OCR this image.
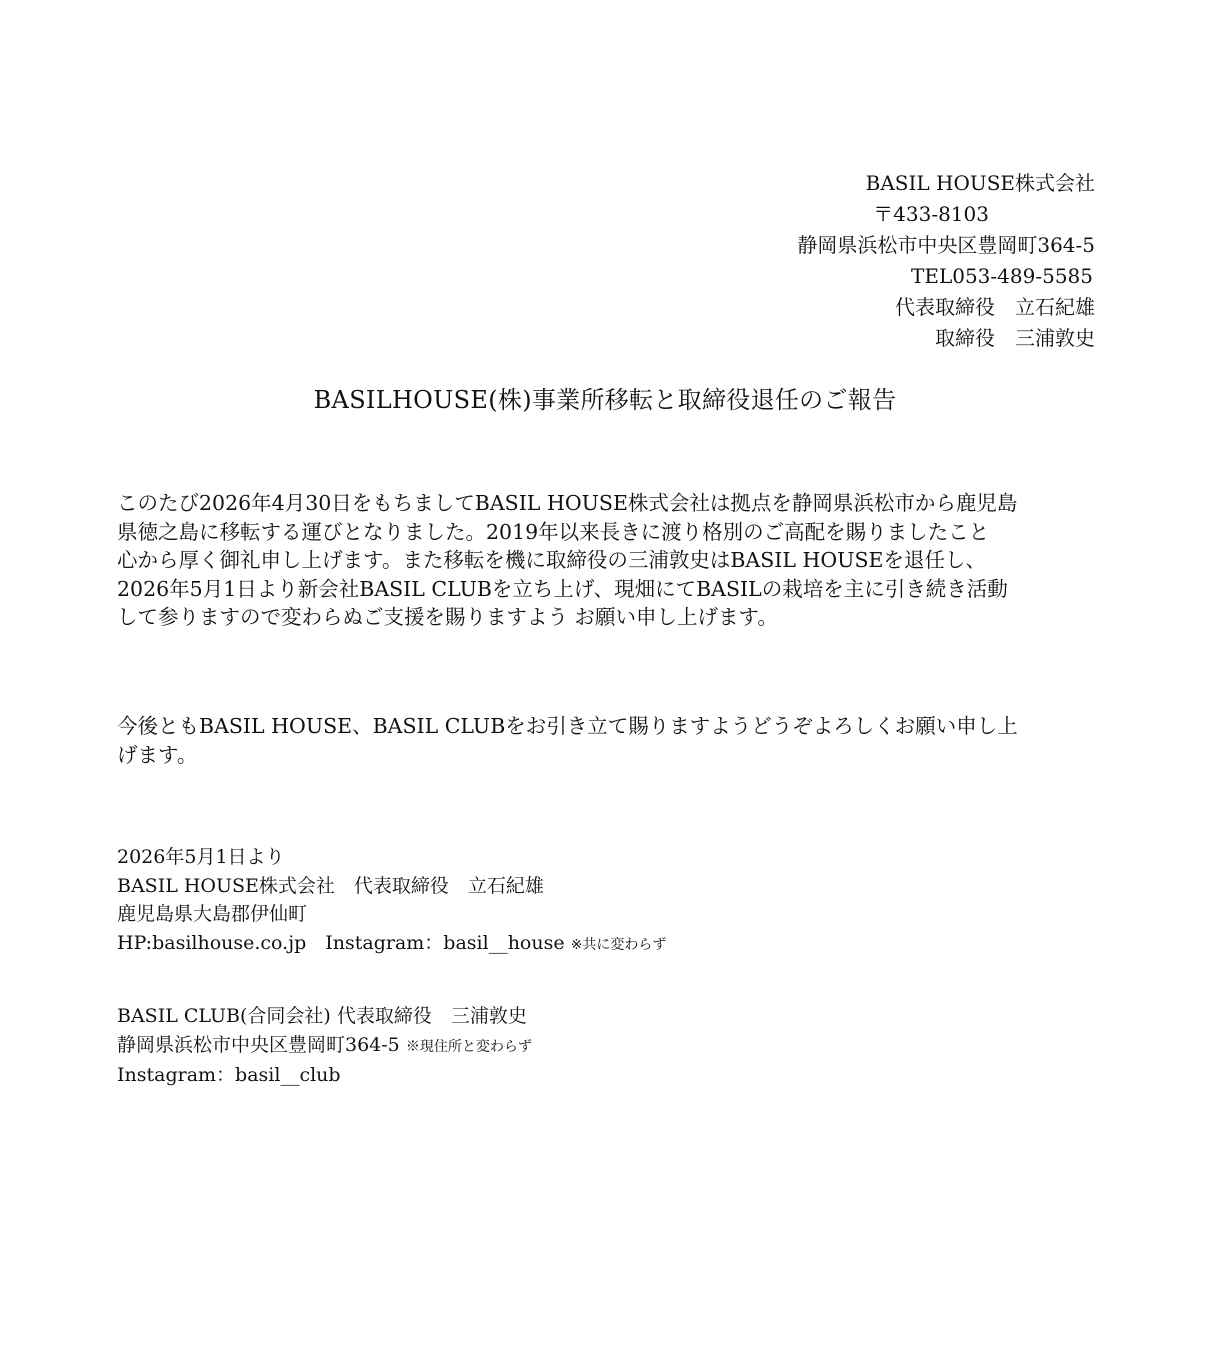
BASIL HOUSE株式会社
〒433-8103
静岡県浜松市中央区豊岡町364-5
TEL053-489-5585
代表取締役　立石紀雄
取締役　三浦敦史
BASILHOUSE(株)事業所移転と取締役退任のご報告

このたび2026年4月30日をもちましてBASIL HOUSE株式会社は拠点を静岡県浜松市から鹿児島
県徳之島に移転する運びとなりました。2019年以来長きに渡り格別のご高配を賜りましたこと
心から厚く御礼申し上げます。また移転を機に取締役の三浦敦史はBASIL HOUSEを退任し、
2026年5月1日より新会社BASIL CLUBを立ち上げ、現畑にてBASILの栽培を主に引き続き活動
して参りますので変わらぬご支援を賜りますよう お願い申し上げます。

今後ともBASIL HOUSE、BASIL CLUBをお引き立て賜りますようどうぞよろしくお願い申し上
げます。

2026年5月1日より
BASIL HOUSE株式会社　代表取締役　立石紀雄
鹿児島県大島郡伊仙町
HP:basilhouse.co.jp　Instagram：basil__house ※共に変わらず
BASIL CLUB(合同会社) 代表取締役　三浦敦史
静岡県浜松市中央区豊岡町364-5 ※現住所と変わらず
Instagram：basil__club
